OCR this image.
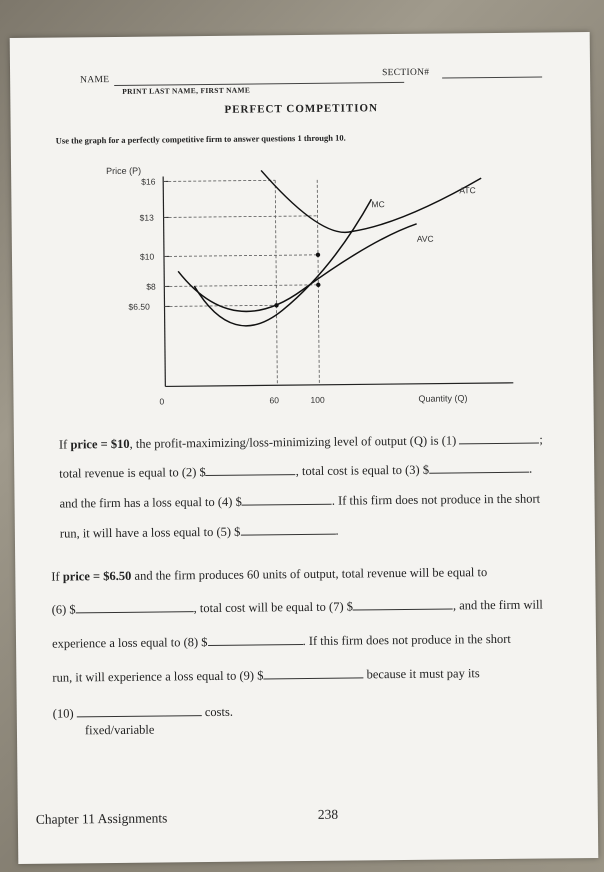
NAME
SECTION#
PRINT LAST NAME, FIRST NAME
PERFECT COMPETITION
Use the graph for a perfectly competitive firm to answer questions 1 through 10.
Price (P)
$16
$13
$10
$8
$6.50
0	60	100	Quantity (Q)
MC
ATC
AVC
If price = $10, the profit-maximizing/loss-minimizing level of output (Q) is (1)	;
total revenue is equal to (2) $	, total cost is equal to (3) $	.
and the firm has a loss equal to (4) $	. If this firm does not produce in the short
run, it will have a loss equal to (5) $	.
If price = $6.50 and the firm produces 60 units of output, total revenue will be equal to
(6) $	, total cost will be equal to (7) $	, and the firm will
experience a loss equal to (8) $	. If this firm does not produce in the short
run, it will experience a loss equal to (9) $	because it must pay its
(10)	costs.
fixed/variable
Chapter 11 Assignments	238
